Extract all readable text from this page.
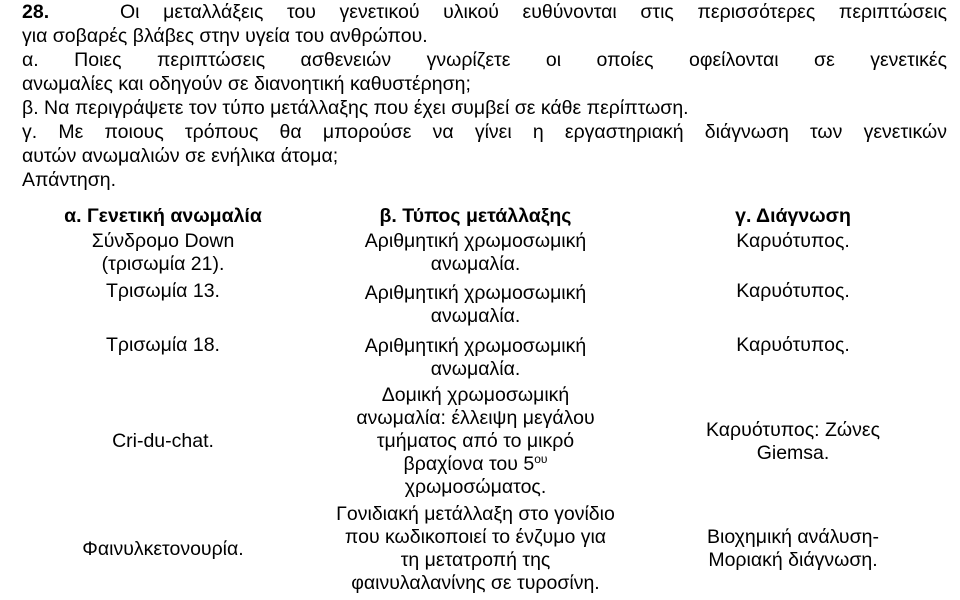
28.	Οι μεταλλάξεις του γενετικού υλικού ευθύνονται στις περισσότερες περιπτώσεις
για σοβαρές βλάβες στην υγεία του ανθρώπου.
α. Ποιες περιπτώσεις ασθενειών γνωρίζετε οι οποίες οφείλονται σε γενετικές
ανωμαλίες και οδηγούν σε διανοητική καθυστέρηση;
β. Να περιγράψετε τον τύπο μετάλλαξης που έχει συμβεί σε κάθε περίπτωση.
γ. Με ποιους τρόπους θα μπορούσε να γίνει η εργαστηριακή διάγνωση των γενετικών
αυτών ανωμαλιών σε ενήλικα άτομα;
Απάντηση.
α. Γενετική ανωμαλία	β. Τύπος μετάλλαξης	γ. Διάγνωση
Σύνδρομο Down (τρισωμία 21).	Αριθμητική χρωμοσωμική ανωμαλία.	Καρυότυπος.
Τρισωμία 13.	Αριθμητική χρωμοσωμική ανωμαλία.	Καρυότυπος.
Τρισωμία 18.	Αριθμητική χρωμοσωμική ανωμαλία.	Καρυότυπος.
Cri-du-chat.	Δομική χρωμοσωμική ανωμαλία: έλλειψη μεγάλου τμήματος από το μικρό βραχίονα του $5^{o\upsilon}$ χρωμοσώματος.	Καρυότυπος: Ζώνες Giemsa.
Φαινυλκετονουρία.	Γονιδιακή μετάλλαξη στο γονίδιο που κωδικοποιεί το ένζυμο για τη μετατροπή της φαινυλαλανίνης σε τυροσίνη.	Βιοχημική ανάλυση-Μοριακή διάγνωση.
